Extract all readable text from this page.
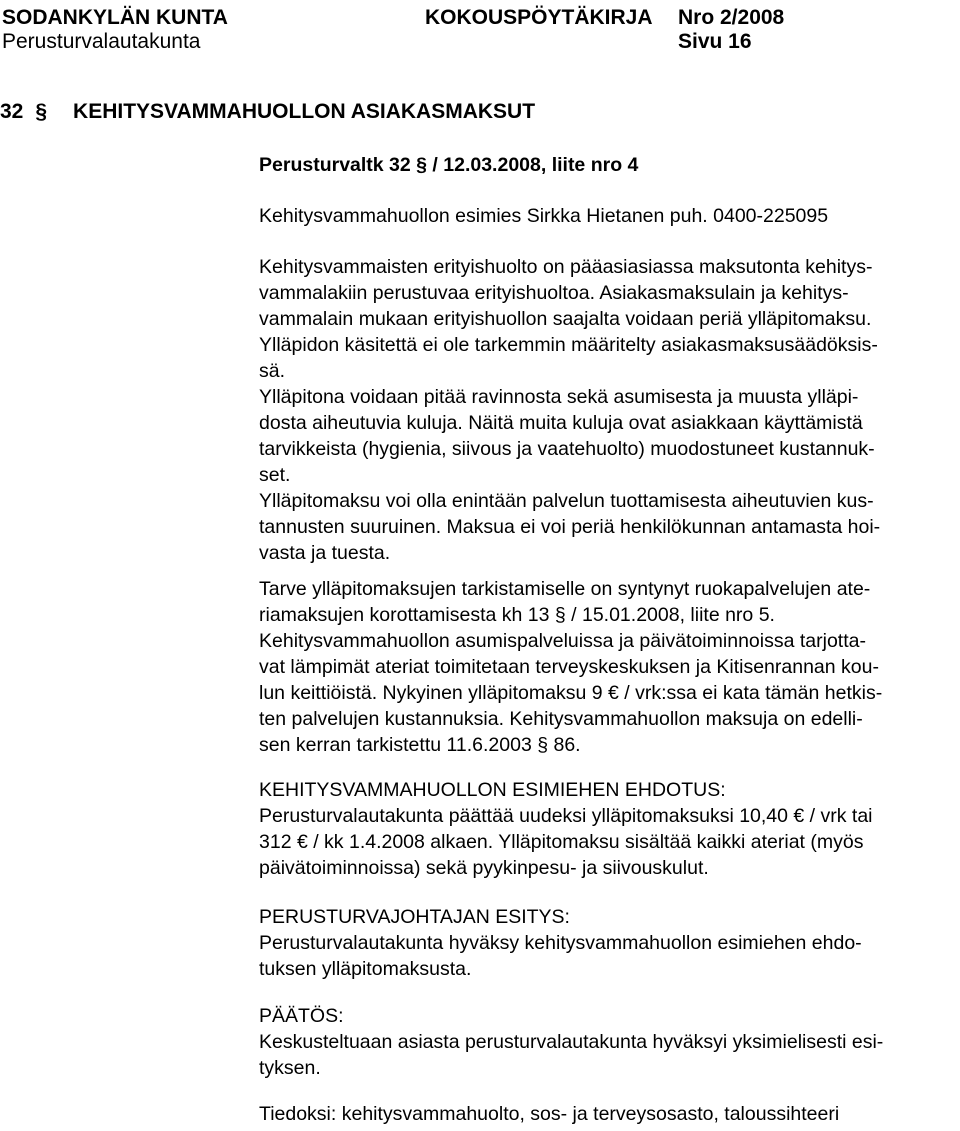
SODANKYLÄN KUNTA	KOKOUSPÖYTÄKIRJA Nro 2/2008
Perusturvalautakunta	Sivu 16
32 § KEHITYSVAMMAHUOLLON ASIAKASMAKSUT
Perusturvaltk 32 § / 12.03.2008, liite nro 4
Kehitysvammahuollon esimies Sirkka Hietanen puh. 0400-225095
Kehitysvammaisten erityishuolto on pääasiasiassa maksutonta kehitys-
vammalakiin perustuvaa erityishuoltoa. Asiakasmaksulain ja kehitys-
vammalain mukaan erityishuollon saajalta voidaan periä ylläpitomaksu.
Ylläpidon käsitettä ei ole tarkemmin määritelty asiakasmaksusäädöksis-
sä.
Ylläpitona voidaan pitää ravinnosta sekä asumisesta ja muusta ylläpi-
dosta aiheutuvia kuluja. Näitä muita kuluja ovat asiakkaan käyttämistä
tarvikkeista (hygienia, siivous ja vaatehuolto) muodostuneet kustannuk-
set.
Ylläpitomaksu voi olla enintään palvelun tuottamisesta aiheutuvien kus-
tannusten suuruinen. Maksua ei voi periä henkilökunnan antamasta hoi-
vasta ja tuesta.
Tarve ylläpitomaksujen tarkistamiselle on syntynyt ruokapalvelujen ate-
riamaksujen korottamisesta kh 13 § / 15.01.2008, liite nro 5.
Kehitysvammahuollon asumispalveluissa ja päivätoiminnoissa tarjotta-
vat lämpimät ateriat toimitetaan terveyskeskuksen ja Kitisenrannan kou-
lun keittiöistä. Nykyinen ylläpitomaksu 9 € / vrk:ssa ei kata tämän hetkis-
ten palvelujen kustannuksia. Kehitysvammahuollon maksuja on edelli-
sen kerran tarkistettu 11.6.2003 § 86.
KEHITYSVAMMAHUOLLON ESIMIEHEN EHDOTUS:
Perusturvalautakunta päättää uudeksi ylläpitomaksuksi 10,40 € / vrk tai
312 € / kk 1.4.2008 alkaen. Ylläpitomaksu sisältää kaikki ateriat (myös
päivätoiminnoissa) sekä pyykinpesu- ja siivouskulut.
PERUSTURVAJOHTAJAN ESITYS:
Perusturvalautakunta hyväksy kehitysvammahuollon esimiehen ehdo-
tuksen ylläpitomaksusta.
PÄÄTÖS:
Keskusteltuaan asiasta perusturvalautakunta hyväksyi yksimielisesti esi-
tyksen.
Tiedoksi: kehitysvammahuolto, sos- ja terveysosasto, taloussihteeri
